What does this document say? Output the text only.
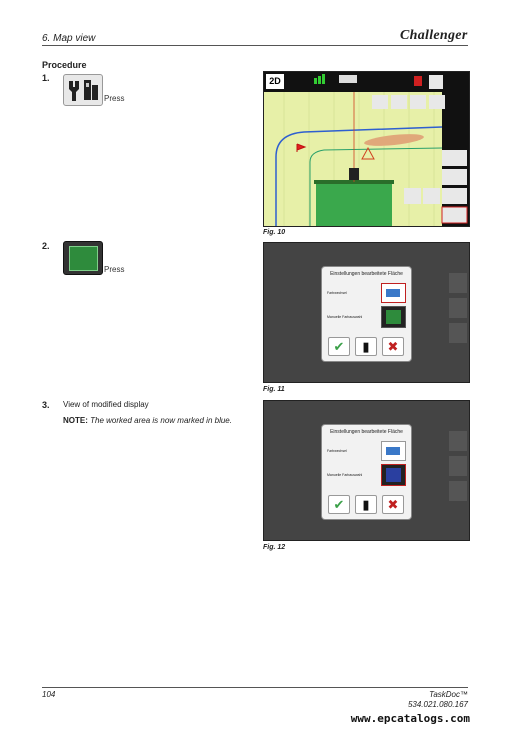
6. Map view	Challenger
Procedure
1.
Press
2D
Fig. 10
2.
Press	Einstellungen bearbeitete Fläche
Farbwechsel
Manuelle Farbauswahl
✔	▮	✖
Fig. 11
3. View of modified display
NOTE: The worked area is now marked in blue.
Einstellungen bearbeitete Fläche
Farbwechsel
Manuelle Farbauswahl
✔	▮	✖
Fig. 12
104	TaskDoc™
534.021.080.167
www.epcatalogs.com
